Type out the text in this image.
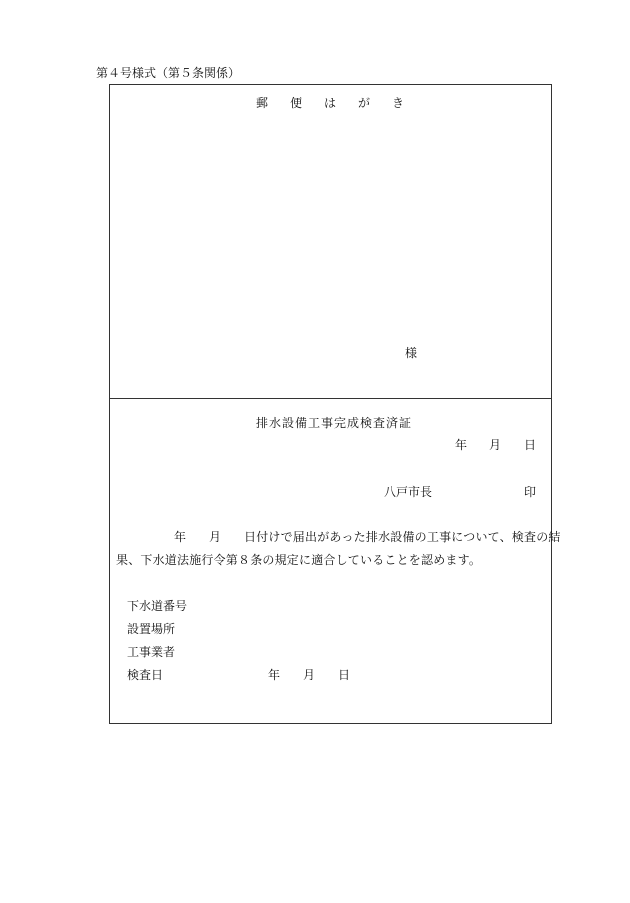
第４号様式（第５条関係）
郵便はがき
様
排水設備工事完成検査済証
年 月 日
八戸市長	印
年 月 日付けで届出があった排水設備の工事について、検査の結
果、下水道法施行令第８条の規定に適合していることを認めます。
下水道番号
設置場所
工事業者
検査日	年 月 日
